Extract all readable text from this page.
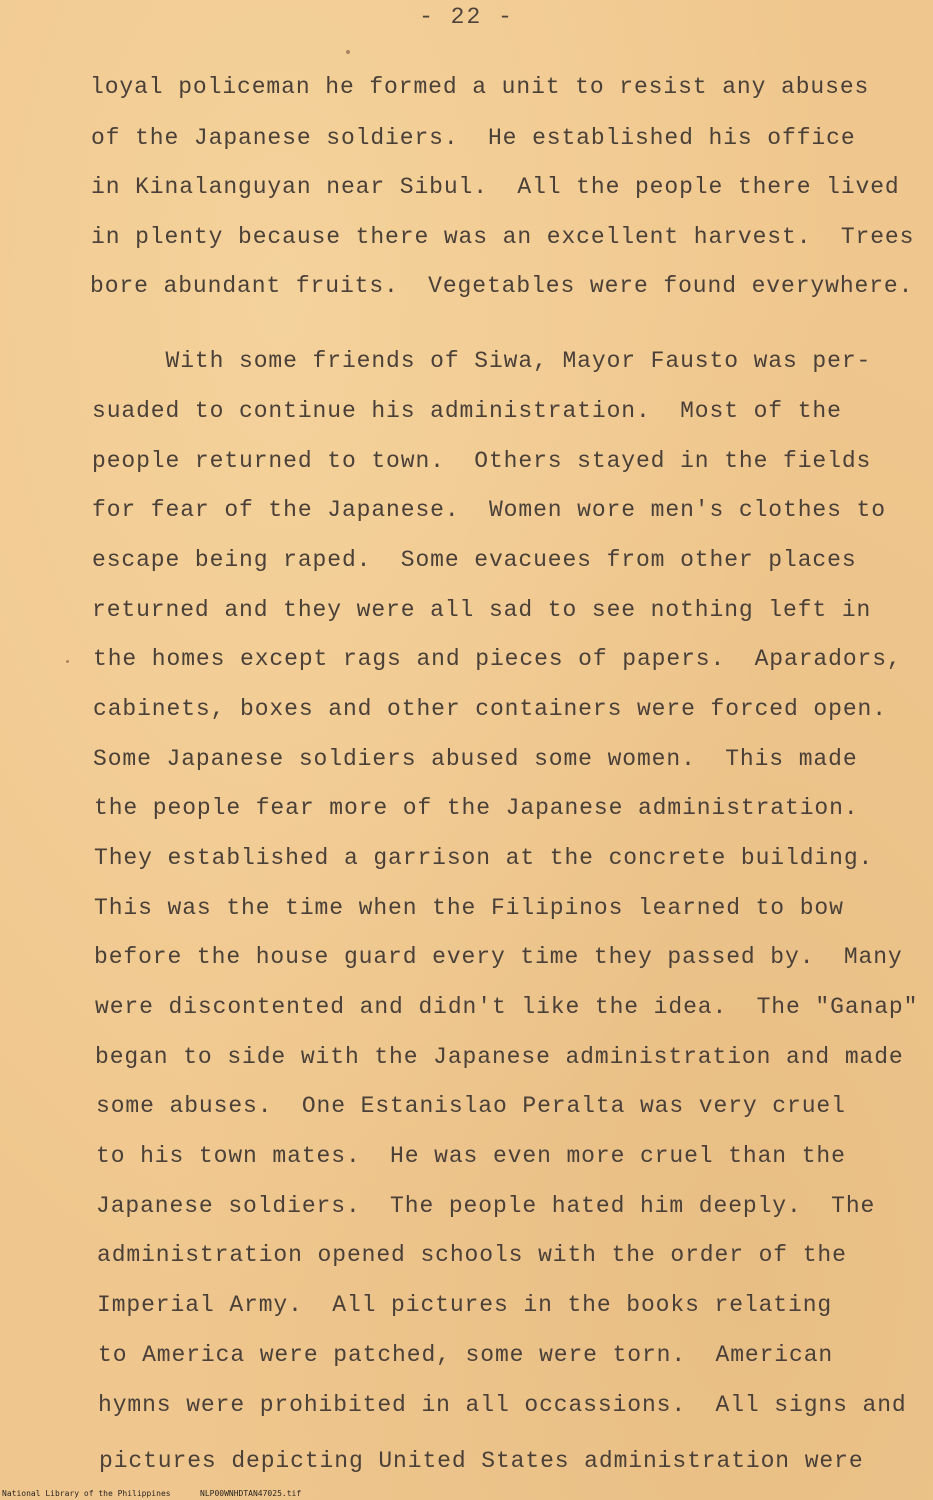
- 22 -
loyal policeman he formed a unit to resist any abuses
of the Japanese soldiers.  He established his office
in Kinalanguyan near Sibul.  All the people there lived
in plenty because there was an excellent harvest.  Trees
bore abundant fruits.  Vegetables were found everywhere.
With some friends of Siwa, Mayor Fausto was per-
suaded to continue his administration.  Most of the
people returned to town.  Others stayed in the fields
for fear of the Japanese.  Women wore men's clothes to
escape being raped.  Some evacuees from other places
returned and they were all sad to see nothing left in
the homes except rags and pieces of papers.  Aparadors,
cabinets, boxes and other containers were forced open.
Some Japanese soldiers abused some women.  This made
the people fear more of the Japanese administration.
They established a garrison at the concrete building.
This was the time when the Filipinos learned to bow
before the house guard every time they passed by.  Many
were discontented and didn't like the idea.  The "Ganap"
began to side with the Japanese administration and made
some abuses.  One Estanislao Peralta was very cruel
to his town mates.  He was even more cruel than the
Japanese soldiers.  The people hated him deeply.  The
administration opened schools with the order of the
Imperial Army.  All pictures in the books relating
to America were patched, some were torn.  American
hymns were prohibited in all occassions.  All signs and
pictures depicting United States administration were
National Library of the Philippines	NLP00WNHDTAN47025.tif
